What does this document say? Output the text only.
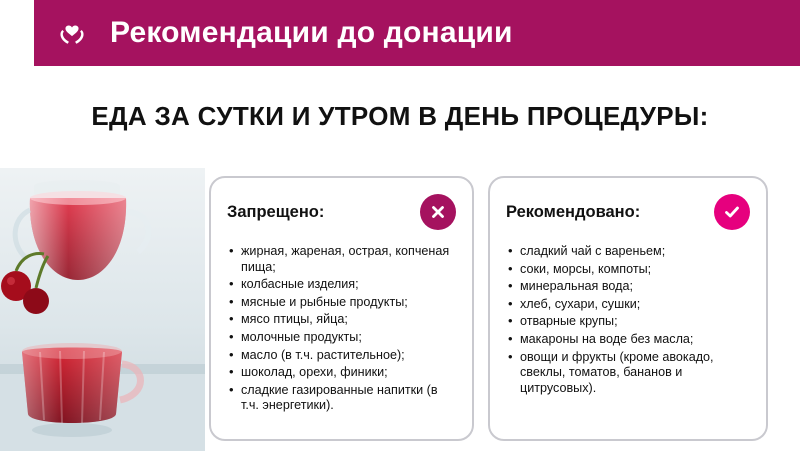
Рекомендации до донации
ЕДА ЗА СУТКИ И УТРОМ В ДЕНЬ ПРОЦЕДУРЫ:
Запрещено:
• жирная, жареная, острая, копченая пища;
• колбасные изделия;
• мясные и рыбные продукты;
• мясо птицы, яйца;
• молочные продукты;
• масло (в т.ч. растительное);
• шоколад, орехи, финики;
• сладкие газированные напитки (в т.ч. энергетики).
Рекомендовано:
• сладкий чай с вареньем;
• соки, морсы, компоты;
• минеральная вода;
• хлеб, сухари, сушки;
• отварные крупы;
• макароны на воде без масла;
• овощи и фрукты (кроме авокадо, свеклы, томатов, бананов и цитрусовых).
